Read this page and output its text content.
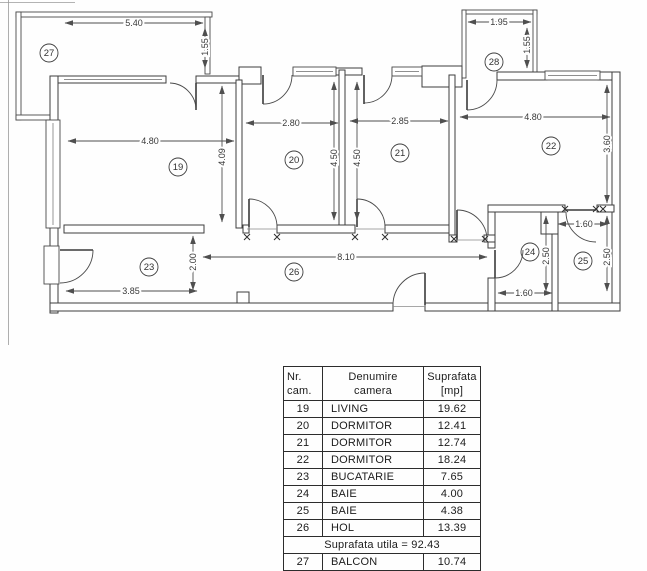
5.40
1.55
4.80
4.09
2.80
4.50
2.85
4.50
4.80
3.60
1.95
1.55
3.85
2.00	8.10
1.60
2.50
1.60
2.50
19
20
21
22
23
24
25
26
27
28
Nr.
cam.

Denumire
camera

Suprafata
[mp]

19	LIVING	19.62
20	DORMITOR	12.41
21	DORMITOR	12.74
22	DORMITOR	18.24
23	BUCATARIE	7.65
24	BAIE	4.00
25	BAIE	4.38
26	HOL	13.39
Suprafata utila = 92.43		
27	BALCON	10.74
